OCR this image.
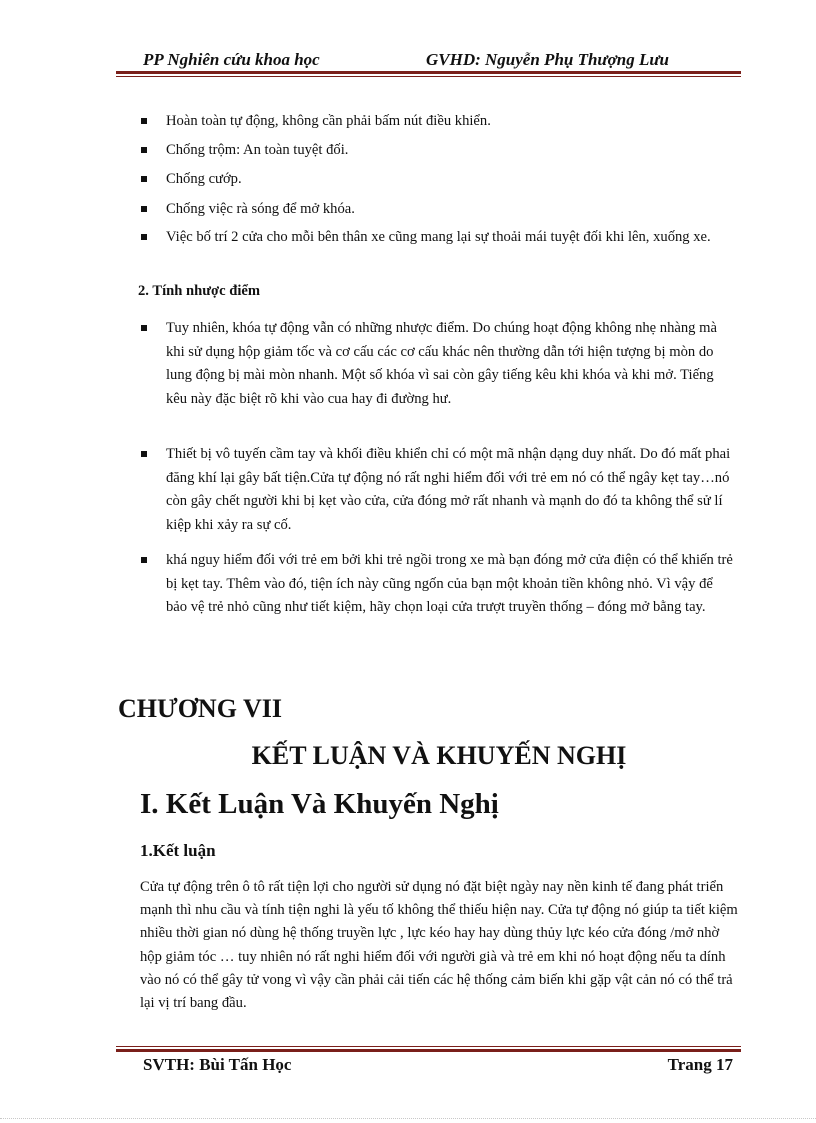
PP Nghiên cứu khoa học	GVHD: Nguyễn Phụ Thượng Lưu
Hoàn toàn tự động, không cần phải bấm nút điều khiển.
Chống trộm: An toàn tuyệt đối.
Chống cướp.
Chống việc rà sóng để mở khóa.
Việc bố trí 2 cửa cho mỗi bên thân xe cũng mang lại sự thoải mái tuyệt đối khi lên, xuống xe.
2. Tính nhược điểm
Tuy nhiên, khóa tự động vẫn có những nhược điểm. Do chúng hoạt động không nhẹ nhàng mà khi sử dụng hộp giảm tốc và cơ cấu các cơ cấu khác nên thường dẫn tới hiện tượng bị mòn do lung động bị mài mòn nhanh. Một số khóa vì sai còn gây tiếng kêu khi khóa và khi mở. Tiếng kêu này đặc biệt rõ khi vào cua hay đi đường hư.
Thiết bị vô tuyến cầm tay và khối điều khiển chỉ có một mã nhận dạng duy nhất. Do đó mất phai đăng khí lại gây bất tiện.Cửa tự động nó rất nghi hiểm đối với trẻ em nó có thể ngây kẹt tay…nó còn gây chết người khi bị kẹt vào cửa, cửa đóng mở rất nhanh và mạnh do đó ta không thể sử lí kiệp khi xảy ra sự cố.
khá nguy hiểm đối với trẻ em bởi khi trẻ ngồi trong xe mà bạn đóng mở cửa điện có thể khiến trẻ bị kẹt tay. Thêm vào đó, tiện ích này cũng ngốn của bạn một khoản tiền không nhỏ. Vì vậy để bảo vệ trẻ nhỏ cũng như tiết kiệm, hãy chọn loại cửa trượt truyền thống – đóng mở bằng tay.
CHƯƠNG VII
KẾT LUẬN VÀ KHUYẾN NGHỊ
I. Kết Luận Và Khuyến Nghị
1.Kết luận
Cửa tự động trên ô tô rất tiện lợi cho người sử dụng nó đặt biệt ngày nay nền kinh tế đang phát triển mạnh thì nhu cầu và tính tiện nghi là yếu tố không thể thiếu hiện nay. Cửa tự động nó giúp ta tiết kiệm nhiều thời gian nó dùng hệ thống truyền lực , lực kéo hay hay dùng thủy lực kéo cửa đóng /mở nhờ hộp giảm tóc … tuy nhiên nó rất nghi hiểm đối với người già và trẻ em khi nó hoạt động nếu ta dính vào nó có thể gây tử vong vì vậy cần phải cải tiến các hệ thống cảm biến khi gặp vật cản nó có thể trả lại vị trí bang đầu.
SVTH: Bùi Tấn Học	Trang 17
